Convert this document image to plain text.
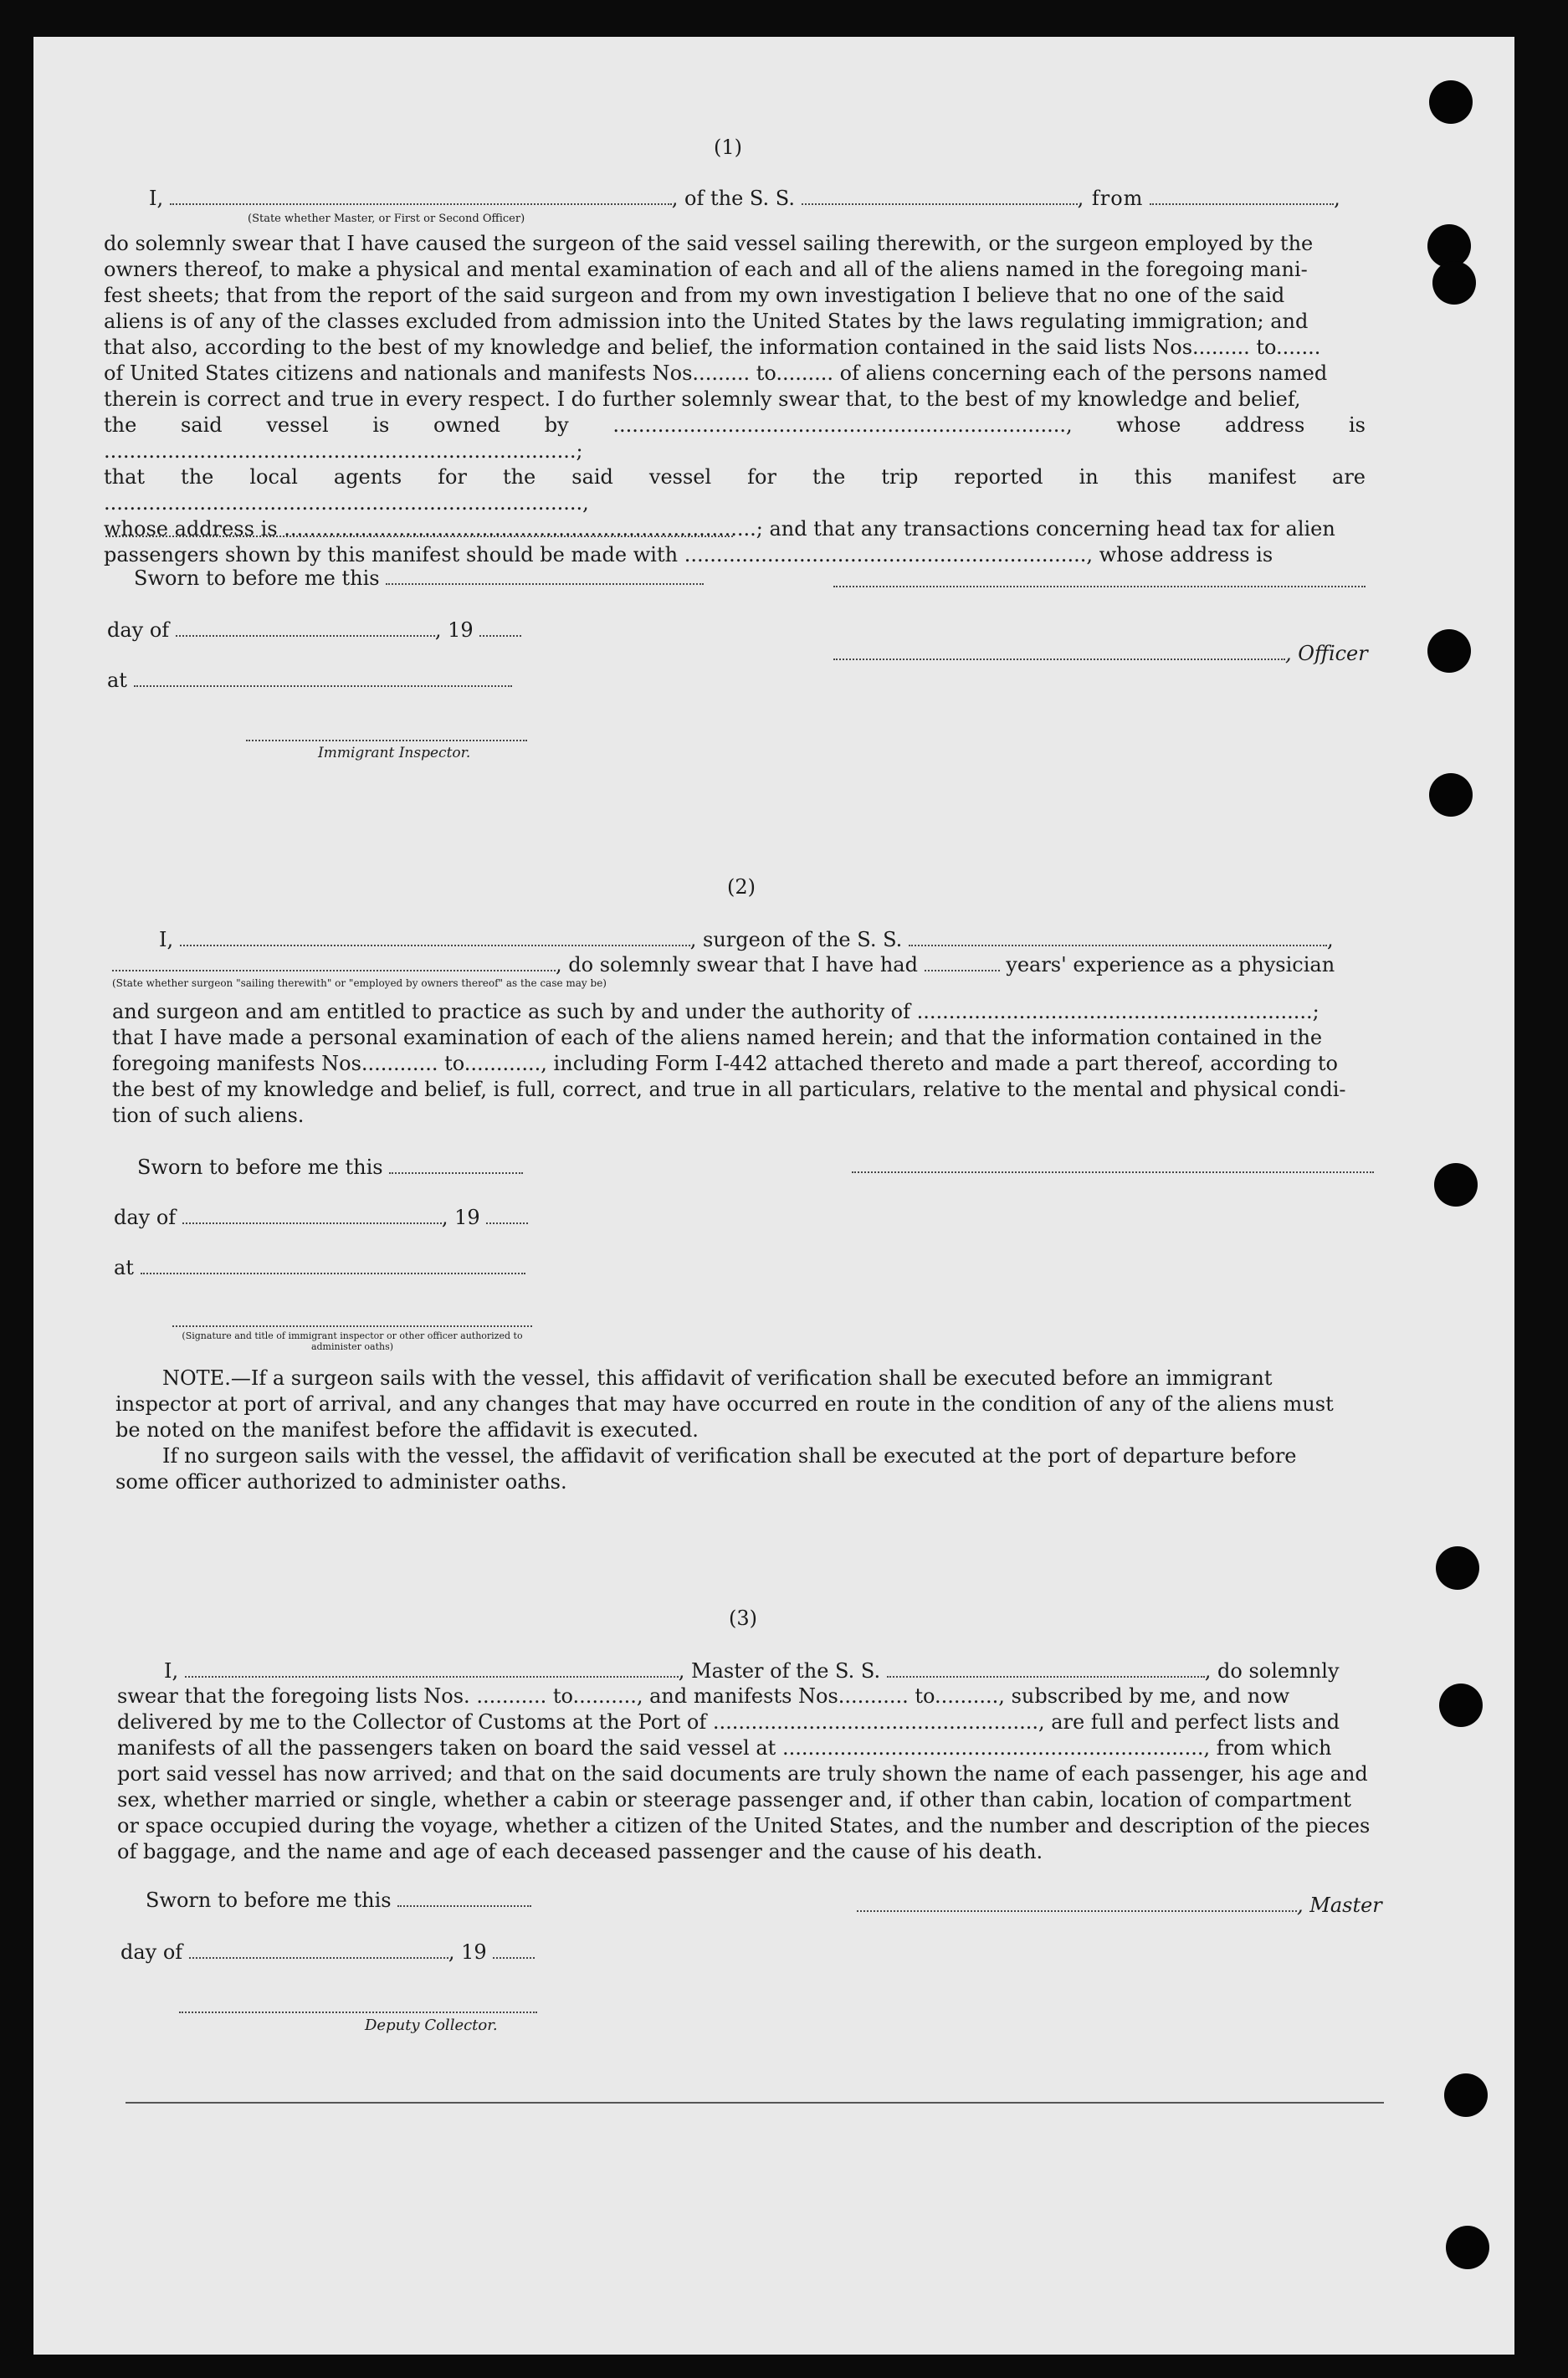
(1)
I,	, of the S. S.	, from	,
(State whether Master, or First or Second Officer)
do solemnly swear that I have caused the surgeon of the said vessel sailing therewith, or the surgeon employed by the
owners thereof, to make a physical and mental examination of each and all of the aliens named in the foregoing mani-
fest sheets; that from the report of the said surgeon and from my own investigation I believe that no one of the said
aliens is of any of the classes excluded from admission into the United States by the laws regulating immigration; and
that also, according to the best of my knowledge and belief, the information contained in the said lists Nos......... to.......
of United States citizens and nationals and manifests Nos......... to......... of aliens concerning each of the persons named
therein is correct and true in every respect. I do further solemnly swear that, to the best of my knowledge and belief,
the said vessel is owned by ......................................................................., whose address is ..........................................................................;
that the local agents for the said vessel for the trip reported in this manifest are ...........................................................................,
whose address is ..........................................................................; and that any transactions concerning head tax for alien
passengers shown by this manifest should be made with ..............................................................., whose address is
Sworn to before me this
day of	, 19
, Officer
at
Immigrant Inspector.
(2)
I,	, surgeon of the S. S.	,
, do solemnly swear that I have had	years' experience as a physician
(State whether surgeon "sailing therewith" or "employed by owners thereof" as the case may be)
and surgeon and am entitled to practice as such by and under the authority of ..............................................................;
that I have made a personal examination of each of the aliens named herein; and that the information contained in the
foregoing manifests Nos............ to............, including Form I-442 attached thereto and made a part thereof, according to
the best of my knowledge and belief, is full, correct, and true in all particulars, relative to the mental and physical condi-
tion of such aliens.
Sworn to before me this
day of	, 19
at
(Signature and title of immigrant inspector or other officer authorized to administer oaths)
NOTE.—If a surgeon sails with the vessel, this affidavit of verification shall be executed before an immigrant
inspector at port of arrival, and any changes that may have occurred en route in the condition of any of the aliens must
be noted on the manifest before the affidavit is executed.
If no surgeon sails with the vessel, the affidavit of verification shall be executed at the port of departure before
some officer authorized to administer oaths.
(3)
I,	, Master of the S. S.	, do solemnly
swear that the foregoing lists Nos. ........... to.........., and manifests Nos........... to.........., subscribed by me, and now
delivered by me to the Collector of Customs at the Port of ..................................................., are full and perfect lists and
manifests of all the passengers taken on board the said vessel at .................................................................., from which
port said vessel has now arrived; and that on the said documents are truly shown the name of each passenger, his age and
sex, whether married or single, whether a cabin or steerage passenger and, if other than cabin, location of compartment
or space occupied during the voyage, whether a citizen of the United States, and the number and description of the pieces
of baggage, and the name and age of each deceased passenger and the cause of his death.
Sworn to before me this	, Master
day of	, 19
Deputy Collector.
